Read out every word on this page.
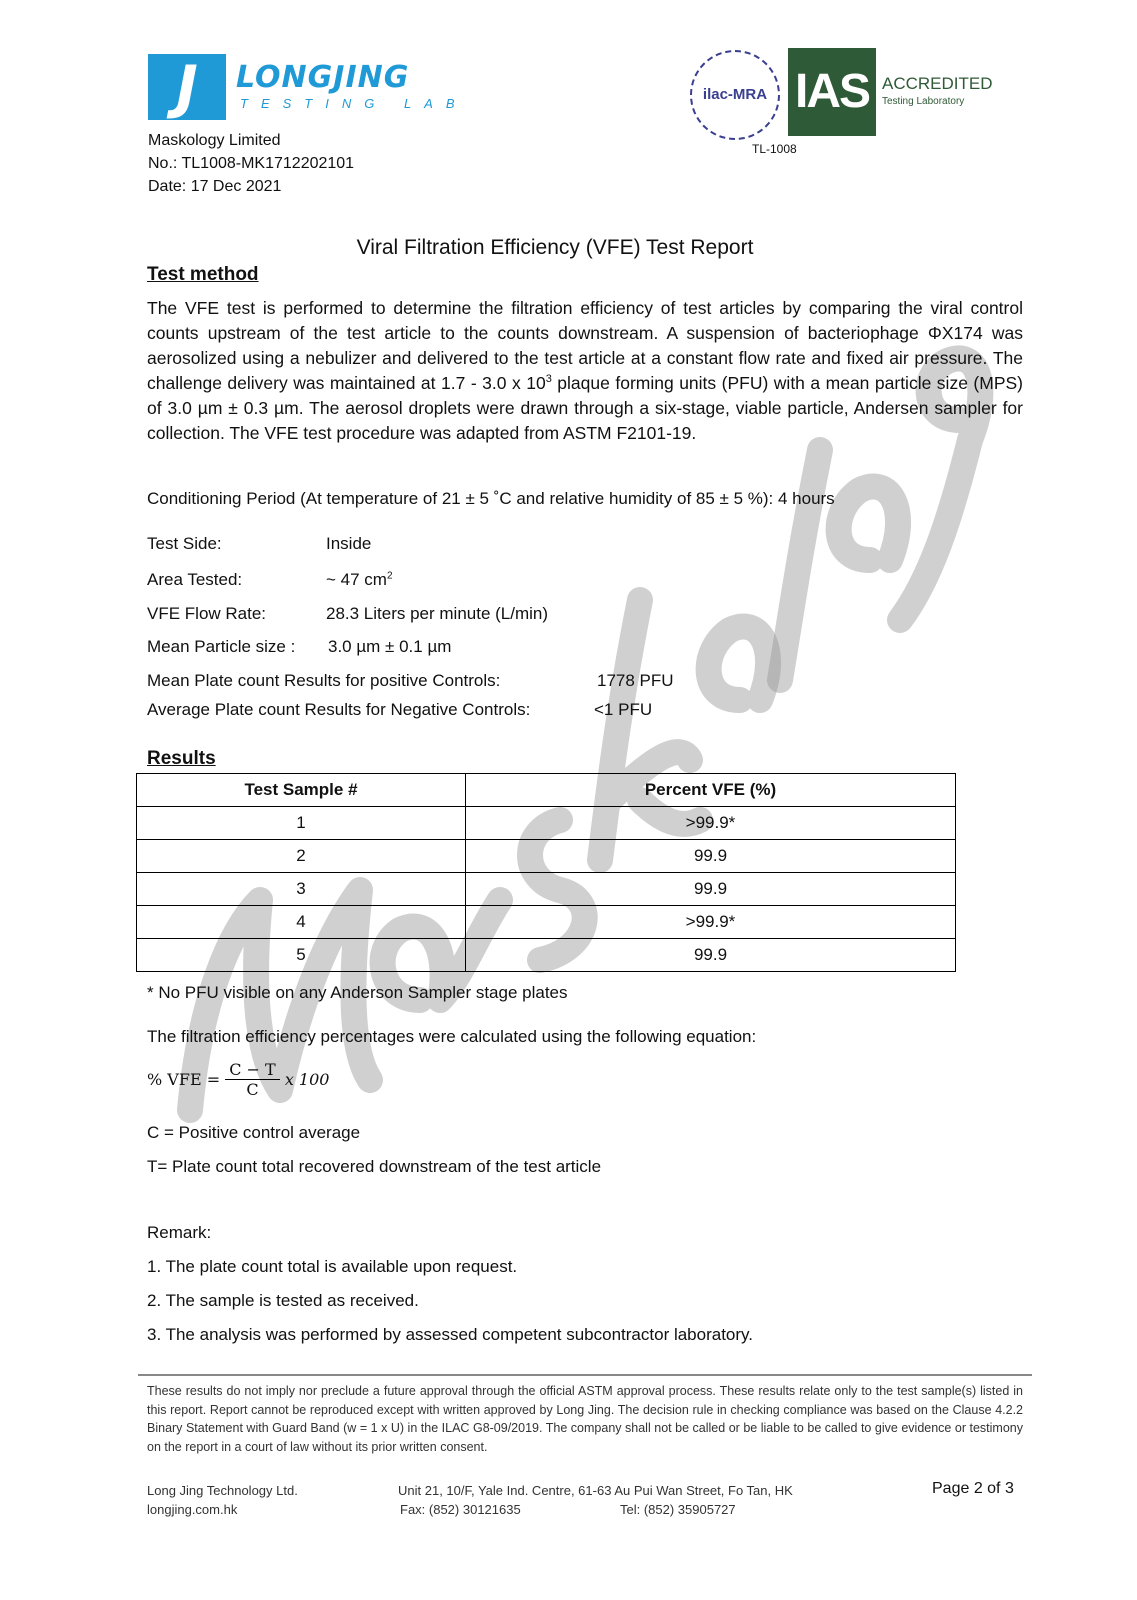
J	LONGJING
TESTING LAB
Maskology Limited
No.: TL1008-MK1712202101
Date: 17 Dec 2021
ilac-MRA IAS ACCREDITED
Testing Laboratory
TL-1008
Viral Filtration Efficiency (VFE) Test Report
Test method
The VFE test is performed to determine the filtration efficiency of test articles by comparing the viral control counts upstream of the test article to the counts downstream. A suspension of bacteriophage ΦX174 was aerosolized using a nebulizer and delivered to the test article at a constant flow rate and fixed air pressure. The challenge delivery was maintained at 1.7 - 3.0 x $10^3$ plaque forming units (PFU) with a mean particle size (MPS) of 3.0 µm ± 0.3 µm. The aerosol droplets were drawn through a six-stage, viable particle, Andersen sampler for collection. The VFE test procedure was adapted from ASTM F2101-19.
Conditioning Period (At temperature of 21 ± 5 ˚C and relative humidity of 85 ± 5 %): 4 hours
Test Side:	Inside
Area Tested:	~ 47 $cm^2$
VFE Flow Rate:	28.3 Liters per minute (L/min)
Mean Particle size : 3.0 µm ± 0.1 µm
Mean Plate count Results for positive Controls:	1778 PFU
Average Plate count Results for Negative Controls:	<1 PFU
Results
Test Sample #	Percent VFE (%)
1	>99.9*
2	99.9
3	99.9
4	>99.9*
5	99.9
* No PFU visible on any Anderson Sampler stage plates
The filtration efficiency percentages were calculated using the following equation:
% VFE = $\frac{C - T}{C}$ x 100
C = Positive control average
T= Plate count total recovered downstream of the test article
Remark:
1. The plate count total is available upon request.
2. The sample is tested as received.
3. The analysis was performed by assessed competent subcontractor laboratory.
These results do not imply nor preclude a future approval through the official ASTM approval process. These results relate only to the test sample(s) listed in this report. Report cannot be reproduced except with written approved by Long Jing. The decision rule in checking compliance was based on the Clause 4.2.2 Binary Statement with Guard Band (w = 1 x U) in the ILAC G8-09/2019. The company shall not be called or be liable to be called to give evidence or testimony on the report in a court of law without its prior written consent.
Long Jing Technology Ltd.
longjing.com.hk
Unit 21, 10/F, Yale Ind. Centre, 61-63 Au Pui Wan Street, Fo Tan, HK
Fax: (852) 30121635	Tel: (852) 35905727
Page 2 of 3
